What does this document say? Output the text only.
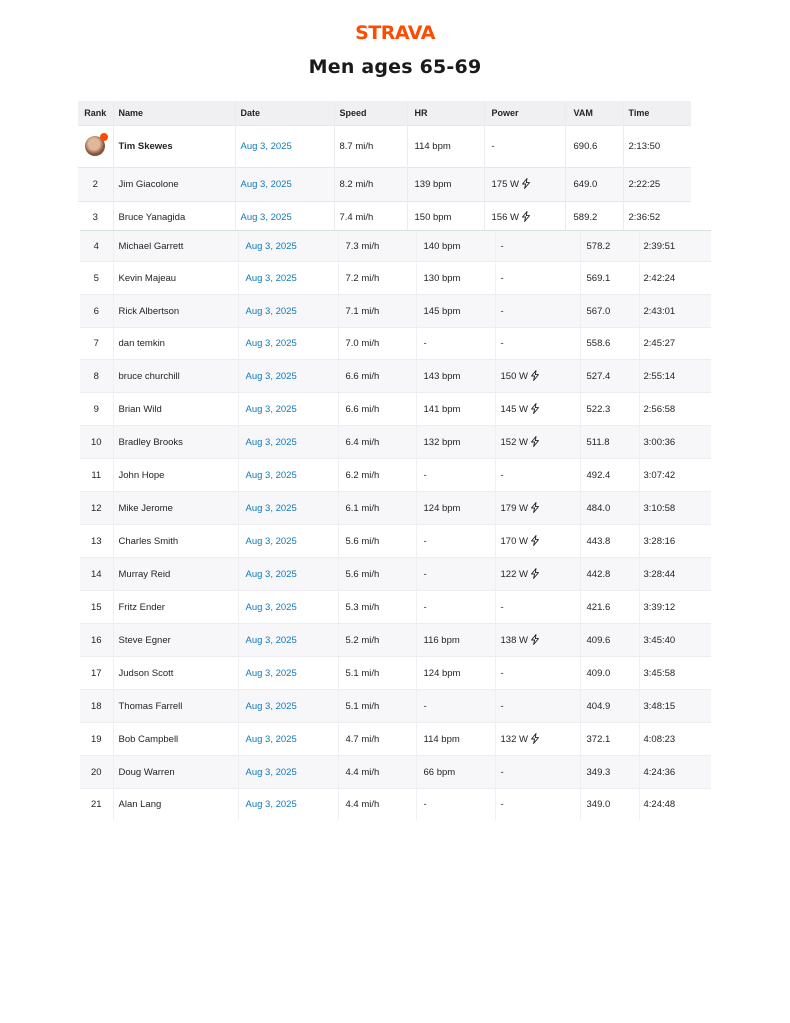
STRAVA
Men ages 65-69
Rank	Name	Date	Speed	HR	Power	VAM	Time

	Tim Skewes	Aug 3, 2025	8.7 mi/h	114 bpm	-	690.6	2:13:50
2	Jim Giacolone	Aug 3, 2025	8.2 mi/h	139 bpm	175 W	649.0	2:22:25
3	Bruce Yanagida	Aug 3, 2025	7.4 mi/h	150 bpm	156 W	589.2	2:36:52
4	Michael Garrett	Aug 3, 2025	7.3 mi/h	140 bpm	-	578.2	2:39:51
5	Kevin Majeau	Aug 3, 2025	7.2 mi/h	130 bpm	-	569.1	2:42:24
6	Rick Albertson	Aug 3, 2025	7.1 mi/h	145 bpm	-	567.0	2:43:01
7	dan temkin	Aug 3, 2025	7.0 mi/h	-	-	558.6	2:45:27
8	bruce churchill	Aug 3, 2025	6.6 mi/h	143 bpm	150 W	527.4	2:55:14
9	Brian Wild	Aug 3, 2025	6.6 mi/h	141 bpm	145 W	522.3	2:56:58
10	Bradley Brooks	Aug 3, 2025	6.4 mi/h	132 bpm	152 W	511.8	3:00:36
11	John Hope	Aug 3, 2025	6.2 mi/h	-	-	492.4	3:07:42
12	Mike Jerome	Aug 3, 2025	6.1 mi/h	124 bpm	179 W	484.0	3:10:58
13	Charles Smith	Aug 3, 2025	5.6 mi/h	-	170 W	443.8	3:28:16
14	Murray Reid	Aug 3, 2025	5.6 mi/h	-	122 W	442.8	3:28:44
15	Fritz Ender	Aug 3, 2025	5.3 mi/h	-	-	421.6	3:39:12
16	Steve Egner	Aug 3, 2025	5.2 mi/h	116 bpm	138 W	409.6	3:45:40
17	Judson Scott	Aug 3, 2025	5.1 mi/h	124 bpm	-	409.0	3:45:58
18	Thomas Farrell	Aug 3, 2025	5.1 mi/h	-	-	404.9	3:48:15
19	Bob Campbell	Aug 3, 2025	4.7 mi/h	114 bpm	132 W	372.1	4:08:23
20	Doug Warren	Aug 3, 2025	4.4 mi/h	66 bpm	-	349.3	4:24:36
21	Alan Lang	Aug 3, 2025	4.4 mi/h	-	-	349.0	4:24:48
